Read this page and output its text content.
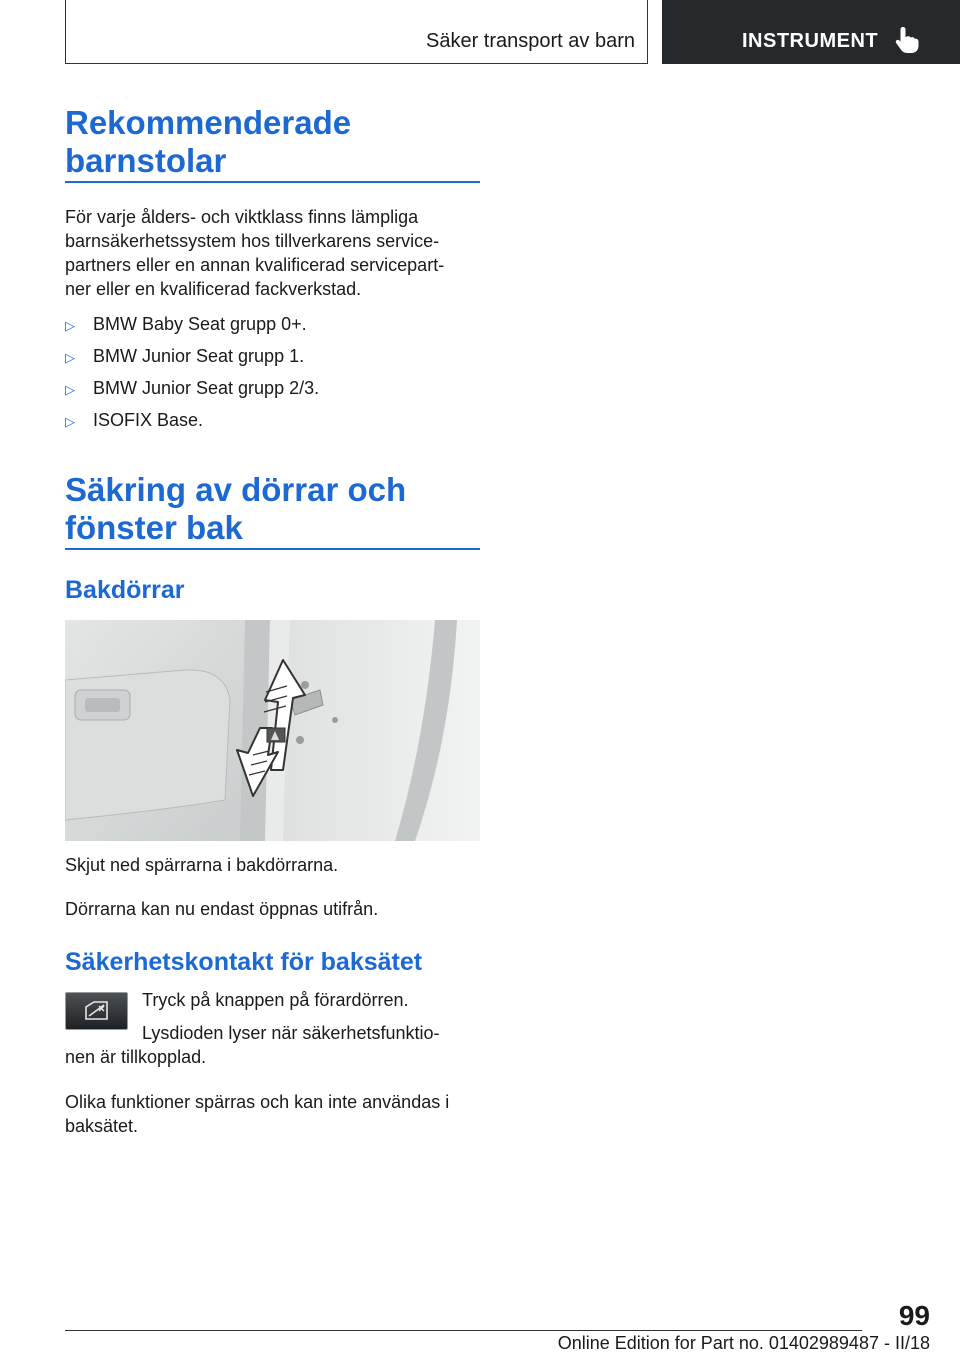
Säker transport av barn	INSTRUMENT
Rekommenderade
barnstolar

För varje ålders- och viktklass finns lämpliga
barnsäkerhetssystem hos tillverkarens service-
partners eller en annan kvalificerad servicepart-
ner eller en kvalificerad fackverkstad.

▷	BMW Baby Seat grupp 0+.
▷	BMW Junior Seat grupp 1.
▷	BMW Junior Seat grupp 2/3.
▷	ISOFIX Base.
Säkring av dörrar och
fönster bak
Bakdörrar

Skjut ned spärrarna i bakdörrarna.

Dörrarna kan nu endast öppnas utifrån.

Säkerhetskontakt för baksätet

Tryck på knappen på förardörren.

Lysdioden lyser när säkerhetsfunktio-
nen är tillkopplad.

Olika funktioner spärras och kan inte användas i
baksätet.

99
Online Edition for Part no. 01402989487 - II/18
